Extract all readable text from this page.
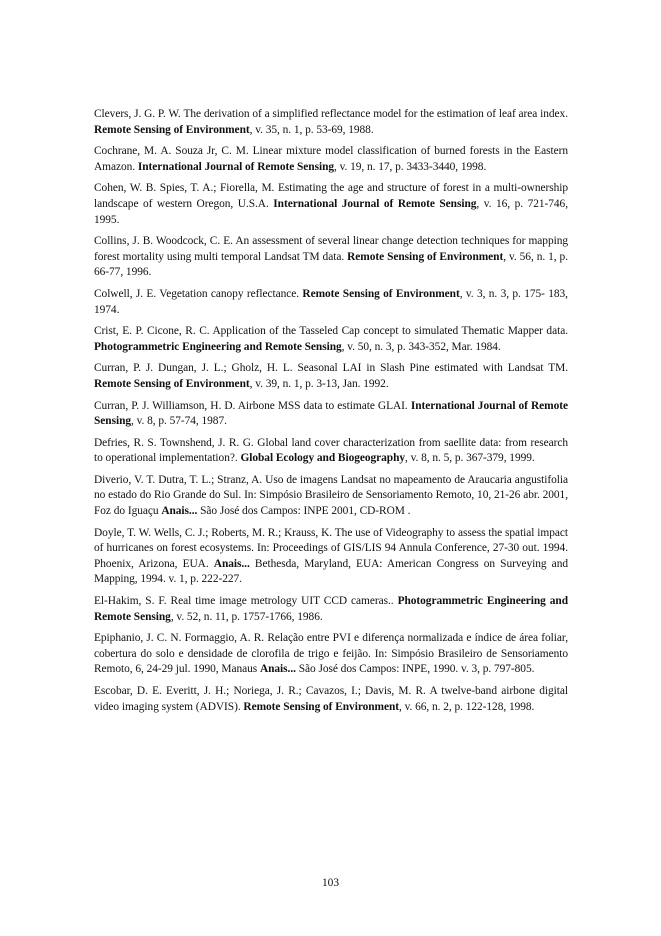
Clevers, J. G. P. W. The derivation of a simplified reflectance model for the estimation of leaf area index. Remote Sensing of Environment, v. 35, n. 1, p. 53-69, 1988.

Cochrane, M. A. Souza Jr, C. M. Linear mixture model classification of burned forests in the Eastern Amazon. International Journal of Remote Sensing, v. 19, n. 17, p. 3433-3440, 1998.

Cohen, W. B. Spies, T. A.; Fiorella, M. Estimating the age and structure of forest in a multi-ownership landscape of western Oregon, U.S.A. International Journal of Remote Sensing, v. 16, p. 721-746, 1995.

Collins, J. B. Woodcock, C. E. An assessment of several linear change detection techniques for mapping forest mortality using multi temporal Landsat TM data. Remote Sensing of Environment, v. 56, n. 1, p. 66-77, 1996.

Colwell, J. E. Vegetation canopy reflectance. Remote Sensing of Environment, v. 3, n. 3, p. 175- 183, 1974.

Crist, E. P. Cicone, R. C. Application of the Tasseled Cap concept to simulated Thematic Mapper data. Photogrammetric Engineering and Remote Sensing, v. 50, n. 3, p. 343-352, Mar. 1984.

Curran, P. J. Dungan, J. L.; Gholz, H. L. Seasonal LAI in Slash Pine estimated with Landsat TM. Remote Sensing of Environment, v. 39, n. 1, p. 3-13, Jan. 1992.

Curran, P. J. Williamson, H. D. Airbone MSS data to estimate GLAI. International Journal of Remote Sensing, v. 8, p. 57-74, 1987.

Defries, R. S. Townshend, J. R. G. Global land cover characterization from saellite data: from research to operational implementation?. Global Ecology and Biogeography, v. 8, n. 5, p. 367-379, 1999.

Diverio, V. T. Dutra, T. L.; Stranz, A. Uso de imagens Landsat no mapeamento de Araucaria angustifolia no estado do Rio Grande do Sul. In: Simpósio Brasileiro de Sensoriamento Remoto, 10, 21-26 abr. 2001, Foz do Iguaçu Anais... São José dos Campos: INPE 2001, CD-ROM .

Doyle, T. W. Wells, C. J.; Roberts, M. R.; Krauss, K. The use of Videography to assess the spatial impact of hurricanes on forest ecosystems. In: Proceedings of GIS/LIS 94 Annula Conference, 27-30 out. 1994. Phoenix, Arizona, EUA. Anais... Bethesda, Maryland, EUA: American Congress on Surveying and Mapping, 1994. v. 1, p. 222-227.

El-Hakim, S. F. Real time image metrology UIT CCD cameras.. Photogrammetric Engineering and Remote Sensing, v. 52, n. 11, p. 1757-1766, 1986.

Epiphanio, J. C. N. Formaggio, A. R. Relação entre PVI e diferença normalizada e índice de área foliar, cobertura do solo e densidade de clorofila de trigo e feijão. In: Simpósio Brasileiro de Sensoriamento Remoto, 6, 24-29 jul. 1990, Manaus Anais... São José dos Campos: INPE, 1990. v. 3, p. 797-805.

Escobar, D. E. Everitt, J. H.; Noriega, J. R.; Cavazos, I.; Davis, M. R. A twelve-band airbone digital video imaging system (ADVIS). Remote Sensing of Environment, v. 66, n. 2, p. 122-128, 1998.

103
